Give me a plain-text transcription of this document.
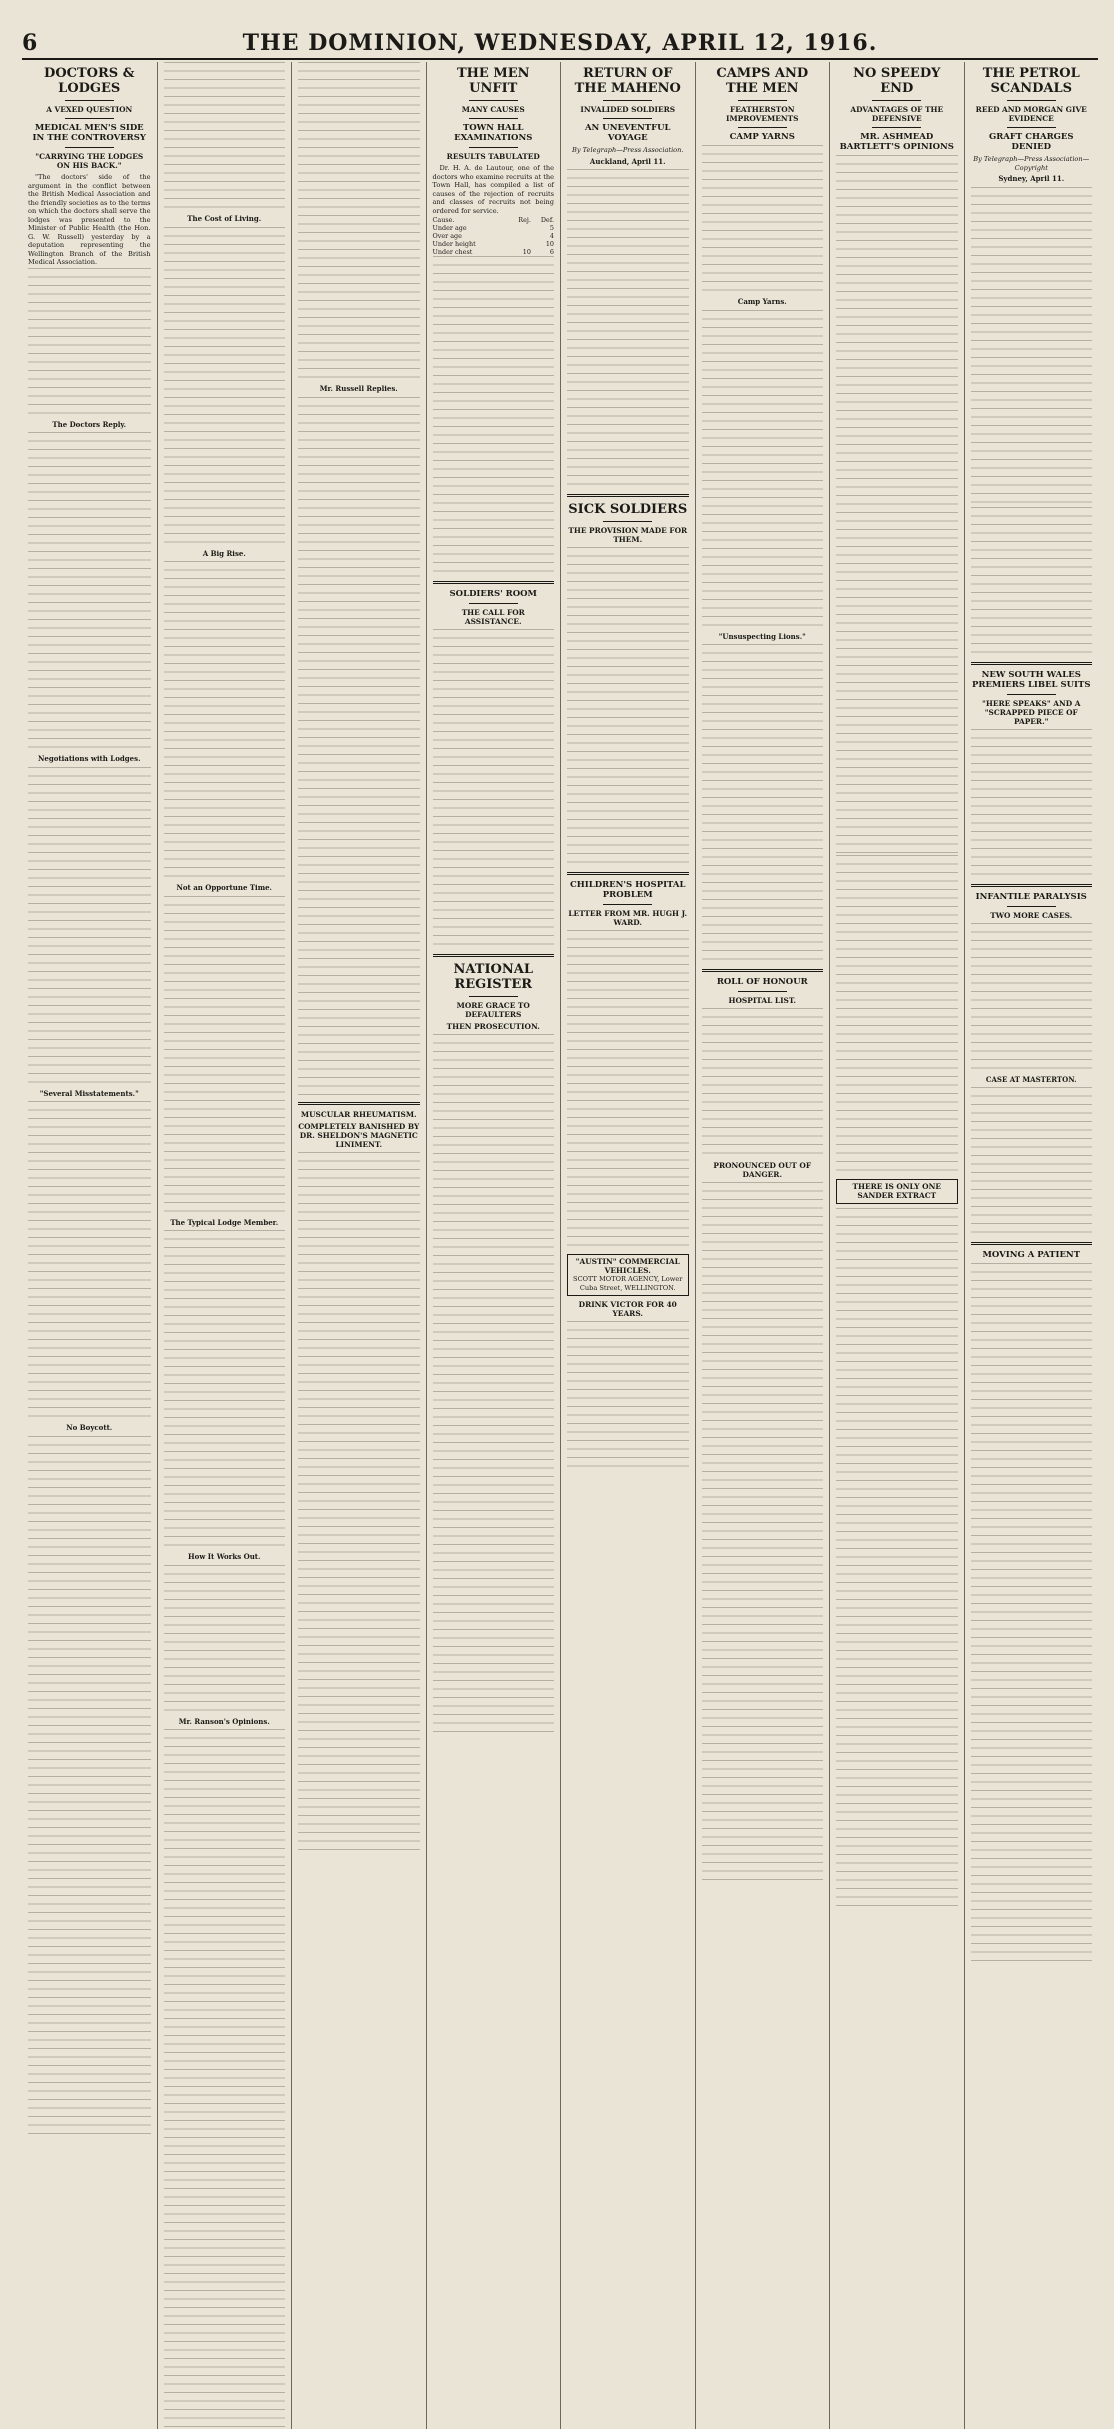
6	THE DOMINION, WEDNESDAY, APRIL 12, 1916.
DOCTORS & LODGES
A VEXED QUESTION
MEDICAL MEN'S SIDE IN THE CONTROVERSY
"CARRYING THE LODGES ON HIS BACK."
"The doctors' side of the argument in the conflict between the British Medical Association and the friendly societies as to the terms on which the doctors shall serve the lodges was presented to the Minister of Public Health (the Hon. G. W. Russell) yesterday by a deputation representing the Wellington Branch of the British Medical Association.
The Doctors Reply.
Negotiations with Lodges.
"Several Misstatements."
No Boycott.
The Cost of Living.
A Big Rise.
Not an Opportune Time.
The Typical Lodge Member.
How It Works Out.
Mr. Ranson's Opinions.
Mr. Russell Replies.
MUSCULAR RHEUMATISM.
COMPLETELY BANISHED BY DR. SHELDON'S MAGNETIC LINIMENT.
THE MEN UNFIT
MANY CAUSES
TOWN HALL EXAMINATIONS
RESULTS TABULATED
Dr. H. A. de Lautour, one of the doctors who examine recruits at the Town Hall, has compiled a list of causes of the rejection of recruits and classes of recruits not being ordered for service.
Cause.	Rej.	Def.
Under age		5
Over age		4
Under height		10
Under chest	10	6
SOLDIERS' ROOM
THE CALL FOR ASSISTANCE.
NATIONAL REGISTER
MORE GRACE TO DEFAULTERS
THEN PROSECUTION.
RETURN OF THE MAHENO
INVALIDED SOLDIERS
AN UNEVENTFUL VOYAGE
By Telegraph—Press Association.
Auckland, April 11.
SICK SOLDIERS
THE PROVISION MADE FOR THEM.
CHILDREN'S HOSPITAL PROBLEM
LETTER FROM MR. HUGH J. WARD.
"AUSTIN" COMMERCIAL VEHICLES.
SCOTT MOTOR AGENCY, Lower Cuba Street, WELLINGTON.
DRINK VICTOR FOR 40 YEARS.
CAMPS AND THE MEN
FEATHERSTON IMPROVEMENTS
CAMP YARNS
Camp Yarns.
"Unsuspecting Lions."
ROLL OF HONOUR
HOSPITAL LIST.
PRONOUNCED OUT OF DANGER.
NO SPEEDY END
ADVANTAGES OF THE DEFENSIVE
MR. ASHMEAD BARTLETT'S OPINIONS
THERE IS ONLY ONE
SANDER EXTRACT
THE PETROL SCANDALS
REED AND MORGAN GIVE EVIDENCE
GRAFT CHARGES DENIED
By Telegraph—Press Association—Copyright
Sydney, April 11.
NEW SOUTH WALES PREMIERS LIBEL SUITS
"HERE SPEAKS" AND A "SCRAPPED PIECE OF PAPER."
INFANTILE PARALYSIS
TWO MORE CASES.
CASE AT MASTERTON.
MOVING A PATIENT
